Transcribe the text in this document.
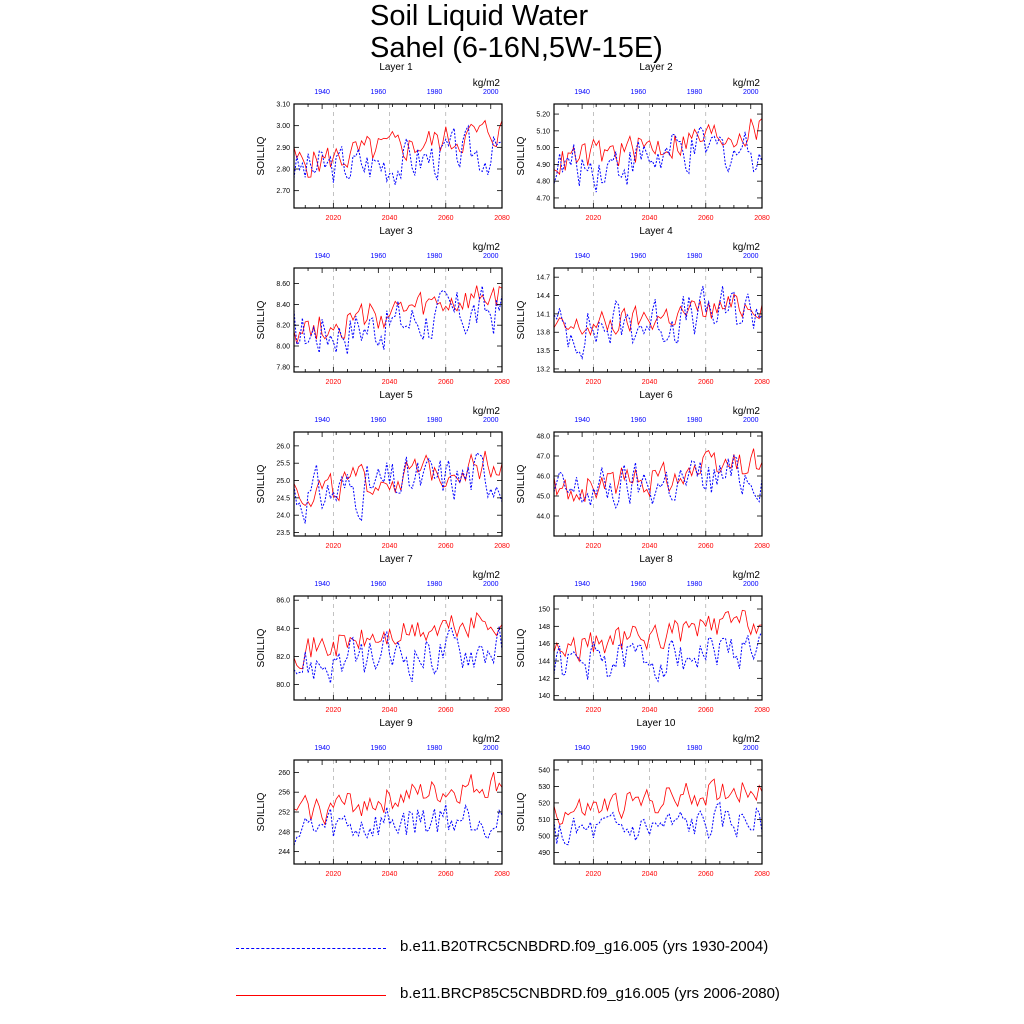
Soil Liquid Water
Sahel (6-16N,5W-15E)
Layer 1
kg/m2
SOILLIQ
2.70
2.80
2.90
3.00
3.10
2020	2040	2060	2080
1940	1960	1980	2000
Layer 2
kg/m2
SOILLIQ
4.70
4.80
4.90
5.00
5.10
5.20
2020	2040	2060	2080
1940	1960	1980	2000
Layer 3
kg/m2
SOILLIQ
7.80
8.00
8.20
8.40
8.60
2020	2040	2060	2080
1940	1960	1980	2000
Layer 4
kg/m2
SOILLIQ
13.2
13.5
13.8
14.1
14.4
14.7
2020	2040	2060	2080
1940	1960	1980	2000
Layer 5
kg/m2
SOILLIQ
23.5
24.0
24.5
25.0
25.5
26.0
2020	2040	2060	2080
1940	1960	1980	2000
Layer 6
kg/m2
SOILLIQ
44.0
45.0
46.0
47.0
48.0
2020	2040	2060	2080
1940	1960	1980	2000
Layer 7
kg/m2
SOILLIQ
80.0
82.0
84.0
86.0
2020	2040	2060	2080
1940	1960	1980	2000
Layer 8
kg/m2
SOILLIQ
140
142
144
146
148
150
2020	2040	2060	2080
1940	1960	1980	2000
Layer 9
kg/m2
SOILLIQ
244
248
252
256
260
2020	2040	2060	2080
1940	1960	1980	2000
Layer 10
kg/m2
SOILLIQ
490
500
510
520
530
540
2020	2040	2060	2080
1940	1960	1980	2000
b.e11.B20TRC5CNBDRD.f09_g16.005 (yrs 1930-2004)
b.e11.BRCP85C5CNBDRD.f09_g16.005 (yrs 2006-2080)
